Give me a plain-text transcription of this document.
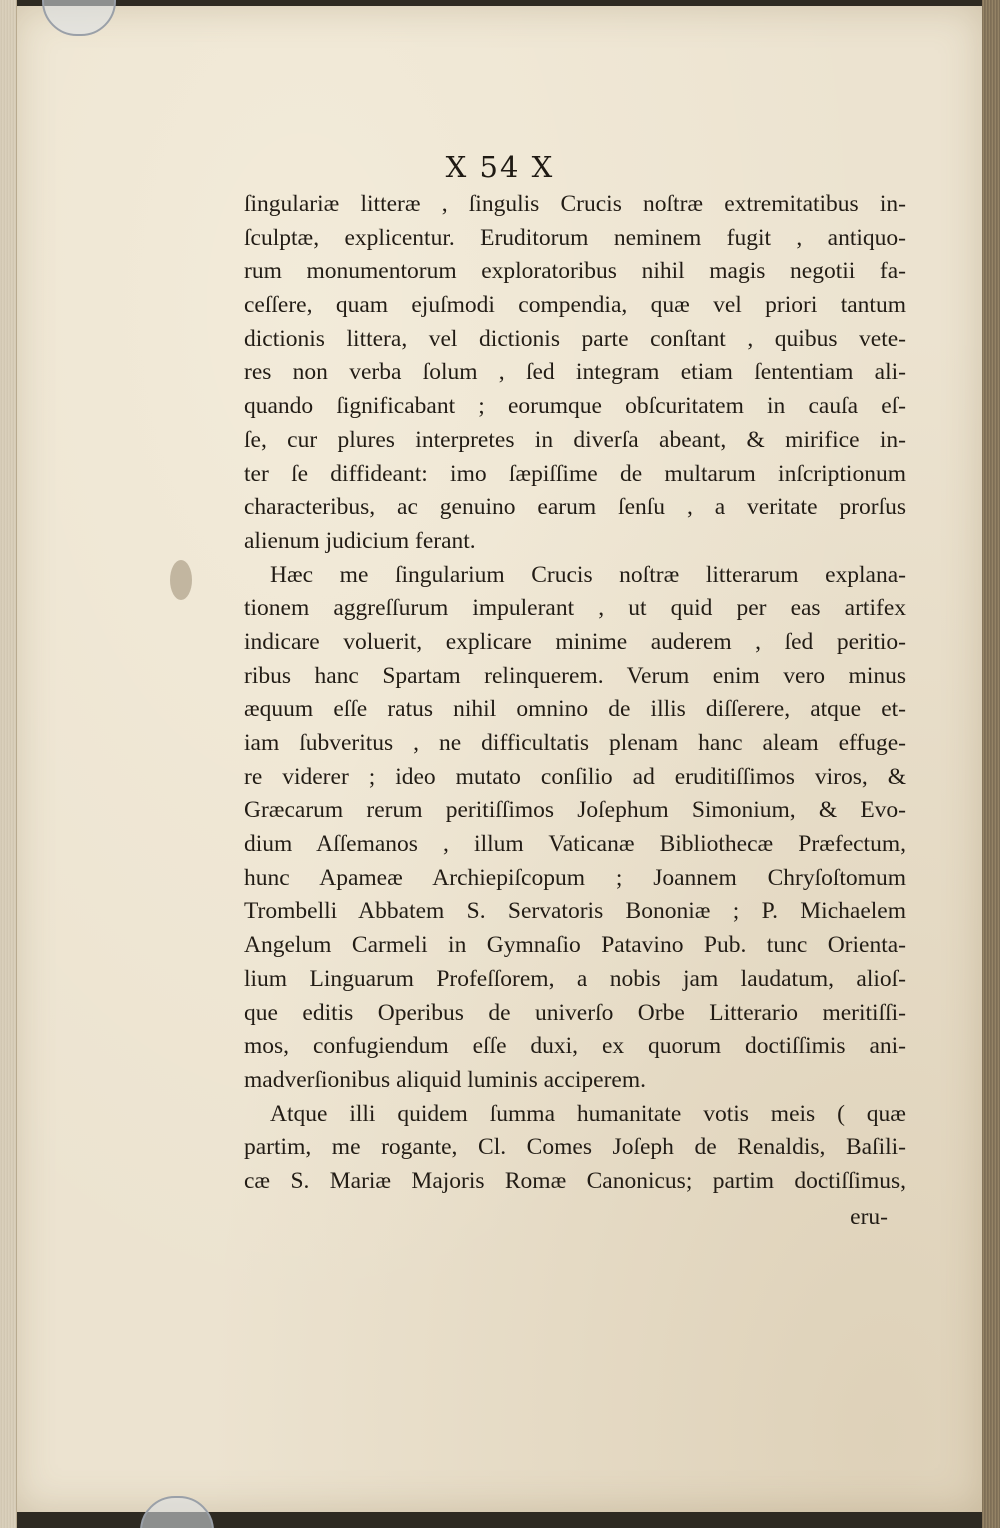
X 54 X
ſingulariæ litteræ , ſingulis Crucis noſtræ extremitatibus in-
ſculptæ, explicentur. Eruditorum neminem fugit , antiquo-
rum monumentorum exploratoribus nihil magis negotii fa-
ceſſere, quam ejuſmodi compendia, quæ vel priori tantum
dictionis littera, vel dictionis parte conſtant , quibus vete-
res non verba ſolum , ſed integram etiam ſententiam ali-
quando ſignificabant ; eorumque obſcuritatem in cauſa eſ-
ſe, cur plures interpretes in diverſa abeant, & mirifice in-
ter ſe diffideant: imo ſæpiſſime de multarum inſcriptionum
characteribus, ac genuino earum ſenſu , a veritate prorſus
alienum judicium ferant.
Hæc me ſingularium Crucis noſtræ litterarum explana-
tionem aggreſſurum impulerant , ut quid per eas artifex
indicare voluerit, explicare minime auderem , ſed peritio-
ribus hanc Spartam relinquerem. Verum enim vero minus
æquum eſſe ratus nihil omnino de illis diſſerere, atque et-
iam ſubveritus , ne difficultatis plenam hanc aleam effuge-
re viderer ; ideo mutato conſilio ad eruditiſſimos viros, &
Græcarum rerum peritiſſimos Joſephum Simonium, & Evo-
dium Aſſemanos , illum Vaticanæ Bibliothecæ Præfectum,
hunc Apameæ Archiepiſcopum ; Joannem Chryſoſtomum
Trombelli Abbatem S. Servatoris Bononiæ ; P. Michaelem
Angelum Carmeli in Gymnaſio Patavino Pub. tunc Orienta-
lium Linguarum Profeſſorem, a nobis jam laudatum, alioſ-
que editis Operibus de univerſo Orbe Litterario meritiſſi-
mos, confugiendum eſſe duxi, ex quorum doctiſſimis ani-
madverſionibus aliquid luminis acciperem.
Atque illi quidem ſumma humanitate votis meis ( quæ
partim, me rogante, Cl. Comes Joſeph de Renaldis, Baſili-
cæ S. Mariæ Majoris Romæ Canonicus; partim doctiſſimus,
eru-
